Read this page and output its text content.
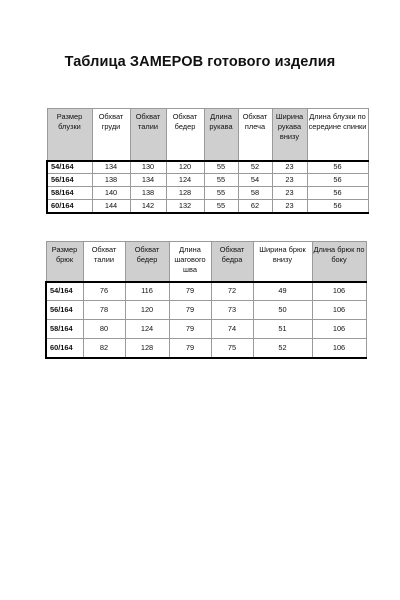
Таблица ЗАМЕРОВ готового изделия
Размер блузки	Обхват груди	Обхват талии	Обхват бедер	Длина рукава	Обхват плеча	Ширина рукава внизу	Длина блузки по середине спинки
54/164	134	130	120	55	52	23	56
56/164	138	134	124	55	54	23	56
58/164	140	138	128	55	58	23	56
60/164	144	142	132	55	62	23	56
Размер брюк	Обхват талии	Обхват бедер	Длина шагового шва	Обхват бедра	Ширина брюк внизу	Длина брюк по боку
54/164	76	116	79	72	49	106
56/164	78	120	79	73	50	106
58/164	80	124	79	74	51	106
60/164	82	128	79	75	52	106
